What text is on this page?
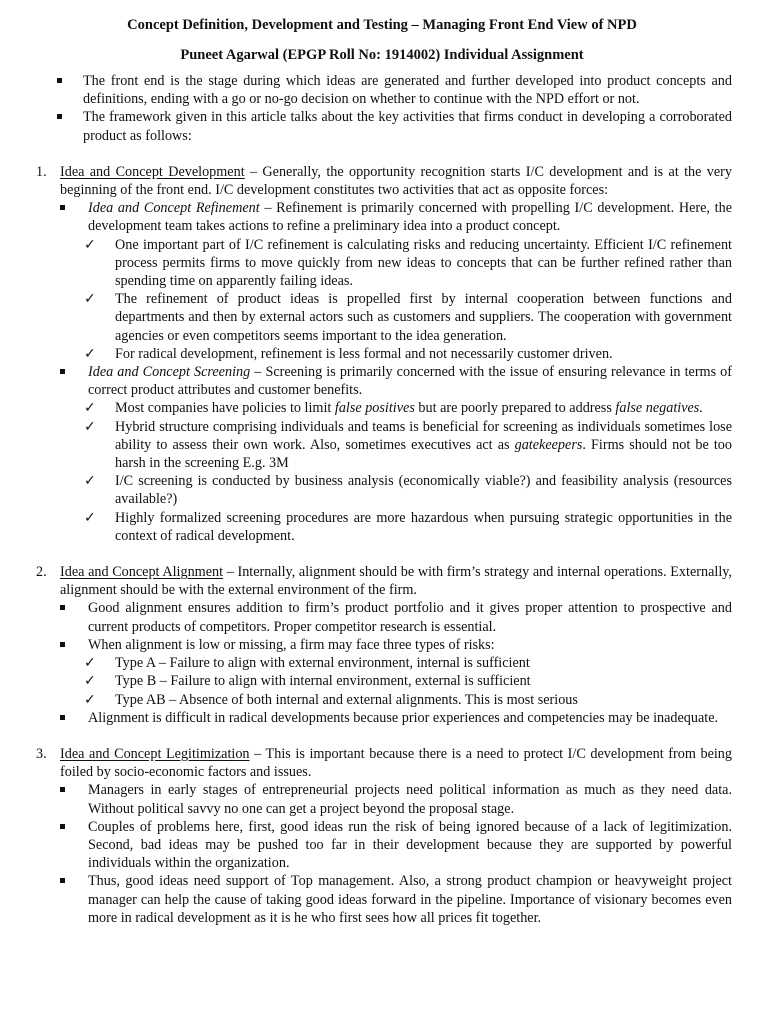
Concept Definition, Development and Testing – Managing Front End View of NPD
Puneet Agarwal (EPGP Roll No: 1914002) Individual Assignment
The front end is the stage during which ideas are generated and further developed into product concepts and definitions, ending with a go or no-go decision on whether to continue with the NPD effort or not.
The framework given in this article talks about the key activities that firms conduct in developing a corroborated product as follows:
1. Idea and Concept Development – Generally, the opportunity recognition starts I/C development and is at the very beginning of the front end. I/C development constitutes two activities that act as opposite forces:
Idea and Concept Refinement – Refinement is primarily concerned with propelling I/C development. Here, the development team takes actions to refine a preliminary idea into a product concept.
✓ One important part of I/C refinement is calculating risks and reducing uncertainty. Efficient I/C refinement process permits firms to move quickly from new ideas to concepts that can be further refined rather than spending time on apparently failing ideas.
✓ The refinement of product ideas is propelled first by internal cooperation between functions and departments and then by external actors such as customers and suppliers. The cooperation with government agencies or even competitors seems important to the idea generation.
✓ For radical development, refinement is less formal and not necessarily customer driven.
Idea and Concept Screening – Screening is primarily concerned with the issue of ensuring relevance in terms of correct product attributes and customer benefits.
✓ Most companies have policies to limit false positives but are poorly prepared to address false negatives.
✓ Hybrid structure comprising individuals and teams is beneficial for screening as individuals sometimes lose ability to assess their own work. Also, sometimes executives act as gatekeepers. Firms should not be too harsh in the screening E.g. 3M
✓ I/C screening is conducted by business analysis (economically viable?) and feasibility analysis (resources available?)
✓ Highly formalized screening procedures are more hazardous when pursuing strategic opportunities in the context of radical development.
2. Idea and Concept Alignment – Internally, alignment should be with firm’s strategy and internal operations. Externally, alignment should be with the external environment of the firm.
Good alignment ensures addition to firm’s product portfolio and it gives proper attention to prospective and current products of competitors. Proper competitor research is essential.
When alignment is low or missing, a firm may face three types of risks:
✓ Type A – Failure to align with external environment, internal is sufficient
✓ Type B – Failure to align with internal environment, external is sufficient
✓ Type AB – Absence of both internal and external alignments. This is most serious
Alignment is difficult in radical developments because prior experiences and competencies may be inadequate.
3. Idea and Concept Legitimization – This is important because there is a need to protect I/C development from being foiled by socio-economic factors and issues.
Managers in early stages of entrepreneurial projects need political information as much as they need data. Without political savvy no one can get a project beyond the proposal stage.
Couples of problems here, first, good ideas run the risk of being ignored because of a lack of legitimization. Second, bad ideas may be pushed too far in their development because they are supported by powerful individuals within the organization.
Thus, good ideas need support of Top management. Also, a strong product champion or heavyweight project manager can help the cause of taking good ideas forward in the pipeline. Importance of visionary becomes even more in radical development as it is he who first sees how all prices fit together.
